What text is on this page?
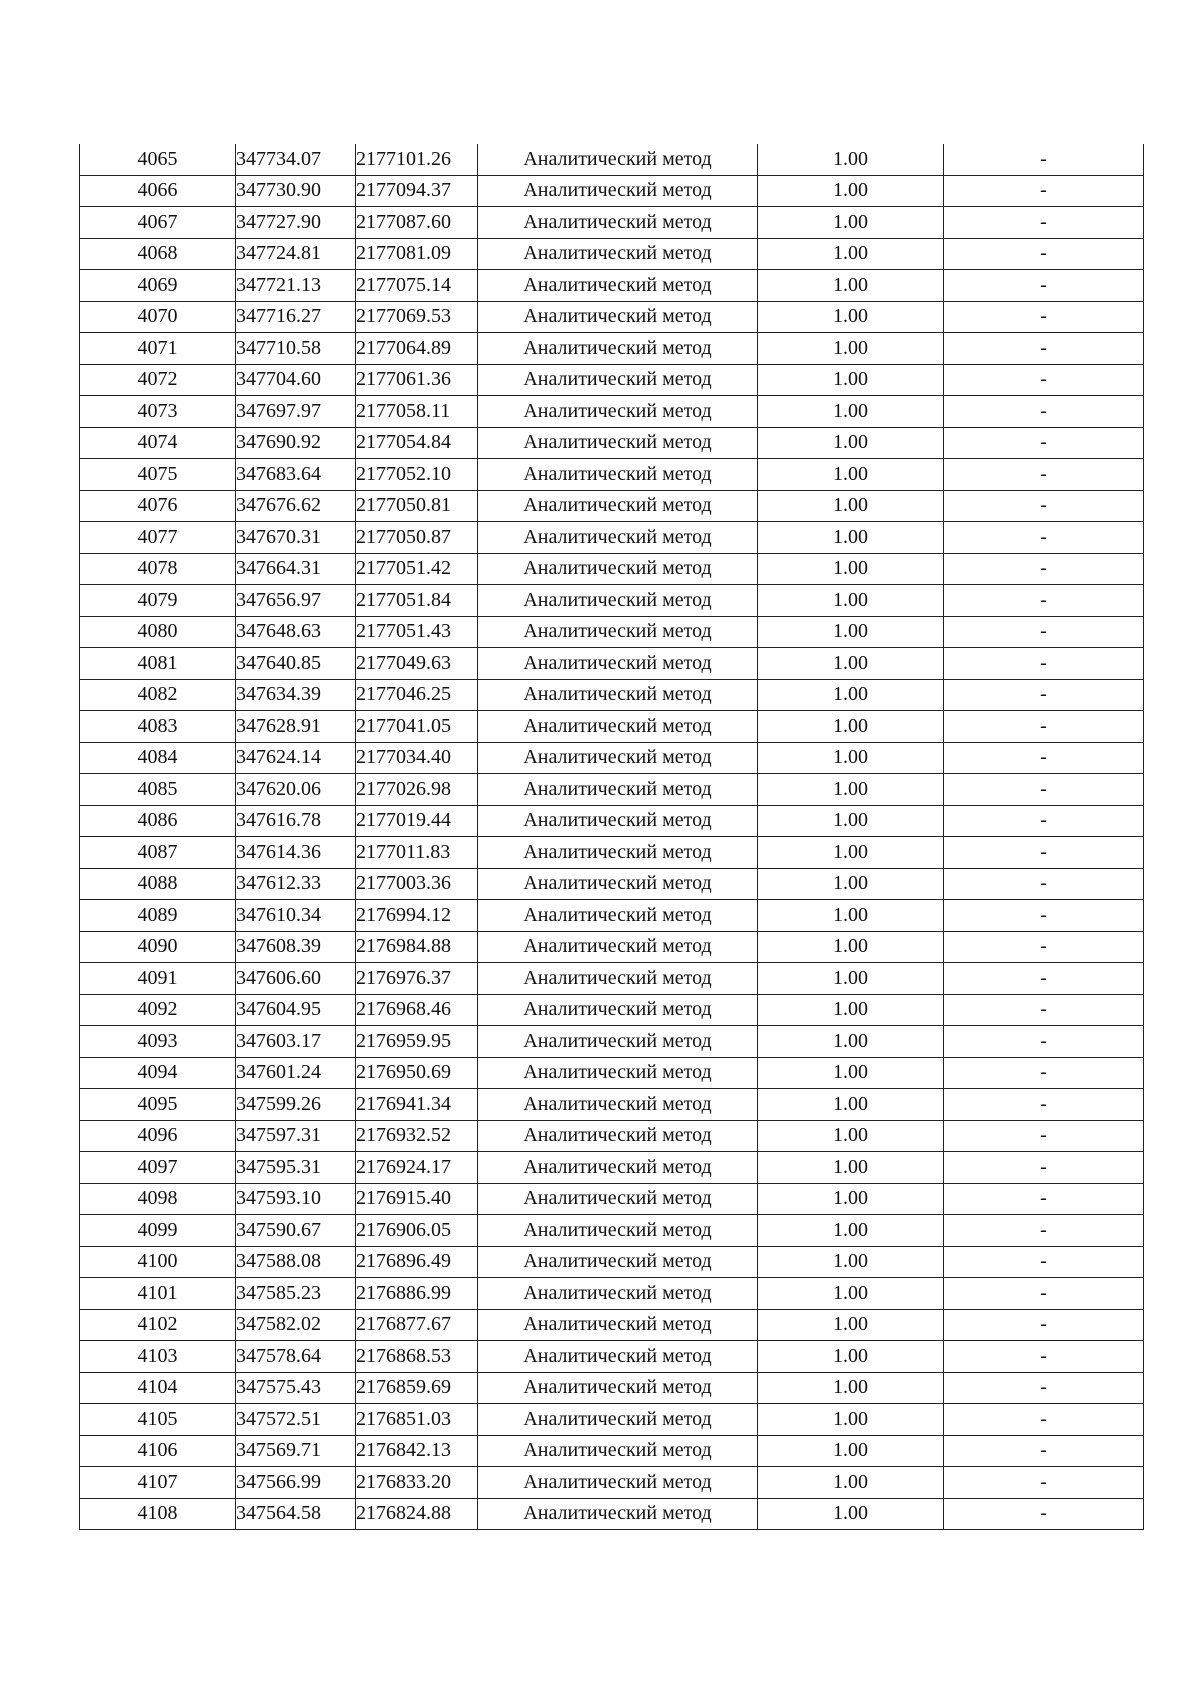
4065	347734.07	2177101.26	Аналитический метод	1.00	-
4066	347730.90	2177094.37	Аналитический метод	1.00	-
4067	347727.90	2177087.60	Аналитический метод	1.00	-
4068	347724.81	2177081.09	Аналитический метод	1.00	-
4069	347721.13	2177075.14	Аналитический метод	1.00	-
4070	347716.27	2177069.53	Аналитический метод	1.00	-
4071	347710.58	2177064.89	Аналитический метод	1.00	-
4072	347704.60	2177061.36	Аналитический метод	1.00	-
4073	347697.97	2177058.11	Аналитический метод	1.00	-
4074	347690.92	2177054.84	Аналитический метод	1.00	-
4075	347683.64	2177052.10	Аналитический метод	1.00	-
4076	347676.62	2177050.81	Аналитический метод	1.00	-
4077	347670.31	2177050.87	Аналитический метод	1.00	-
4078	347664.31	2177051.42	Аналитический метод	1.00	-
4079	347656.97	2177051.84	Аналитический метод	1.00	-
4080	347648.63	2177051.43	Аналитический метод	1.00	-
4081	347640.85	2177049.63	Аналитический метод	1.00	-
4082	347634.39	2177046.25	Аналитический метод	1.00	-
4083	347628.91	2177041.05	Аналитический метод	1.00	-
4084	347624.14	2177034.40	Аналитический метод	1.00	-
4085	347620.06	2177026.98	Аналитический метод	1.00	-
4086	347616.78	2177019.44	Аналитический метод	1.00	-
4087	347614.36	2177011.83	Аналитический метод	1.00	-
4088	347612.33	2177003.36	Аналитический метод	1.00	-
4089	347610.34	2176994.12	Аналитический метод	1.00	-
4090	347608.39	2176984.88	Аналитический метод	1.00	-
4091	347606.60	2176976.37	Аналитический метод	1.00	-
4092	347604.95	2176968.46	Аналитический метод	1.00	-
4093	347603.17	2176959.95	Аналитический метод	1.00	-
4094	347601.24	2176950.69	Аналитический метод	1.00	-
4095	347599.26	2176941.34	Аналитический метод	1.00	-
4096	347597.31	2176932.52	Аналитический метод	1.00	-
4097	347595.31	2176924.17	Аналитический метод	1.00	-
4098	347593.10	2176915.40	Аналитический метод	1.00	-
4099	347590.67	2176906.05	Аналитический метод	1.00	-
4100	347588.08	2176896.49	Аналитический метод	1.00	-
4101	347585.23	2176886.99	Аналитический метод	1.00	-
4102	347582.02	2176877.67	Аналитический метод	1.00	-
4103	347578.64	2176868.53	Аналитический метод	1.00	-
4104	347575.43	2176859.69	Аналитический метод	1.00	-
4105	347572.51	2176851.03	Аналитический метод	1.00	-
4106	347569.71	2176842.13	Аналитический метод	1.00	-
4107	347566.99	2176833.20	Аналитический метод	1.00	-
4108	347564.58	2176824.88	Аналитический метод	1.00	-
